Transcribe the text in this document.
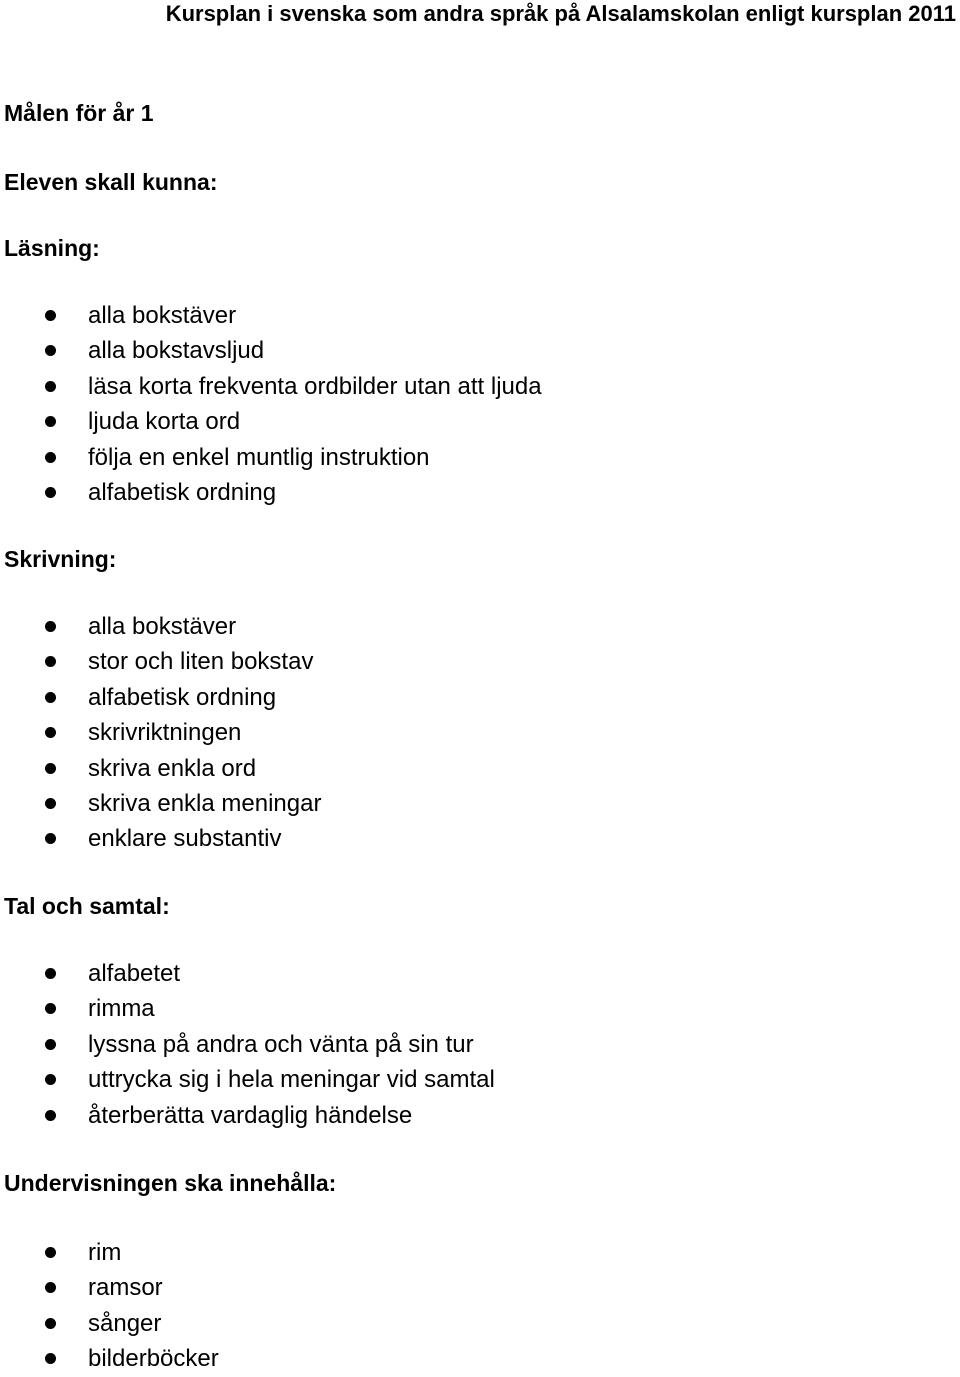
Kursplan i svenska som andra språk på Alsalamskolan enligt kursplan 2011
Målen för år 1
Eleven skall kunna:
Läsning:
alla bokstäver
alla bokstavsljud
läsa korta frekventa ordbilder utan att ljuda
ljuda korta ord
följa en enkel muntlig instruktion
alfabetisk ordning
Skrivning:
alla bokstäver
stor och liten bokstav
alfabetisk ordning
skrivriktningen
skriva enkla ord
skriva enkla meningar
enklare substantiv
Tal och samtal:
alfabetet
rimma
lyssna på andra och vänta på sin tur
uttrycka sig i hela meningar vid samtal
återberätta vardaglig händelse
Undervisningen ska innehålla:
rim
ramsor
sånger
bilderböcker
